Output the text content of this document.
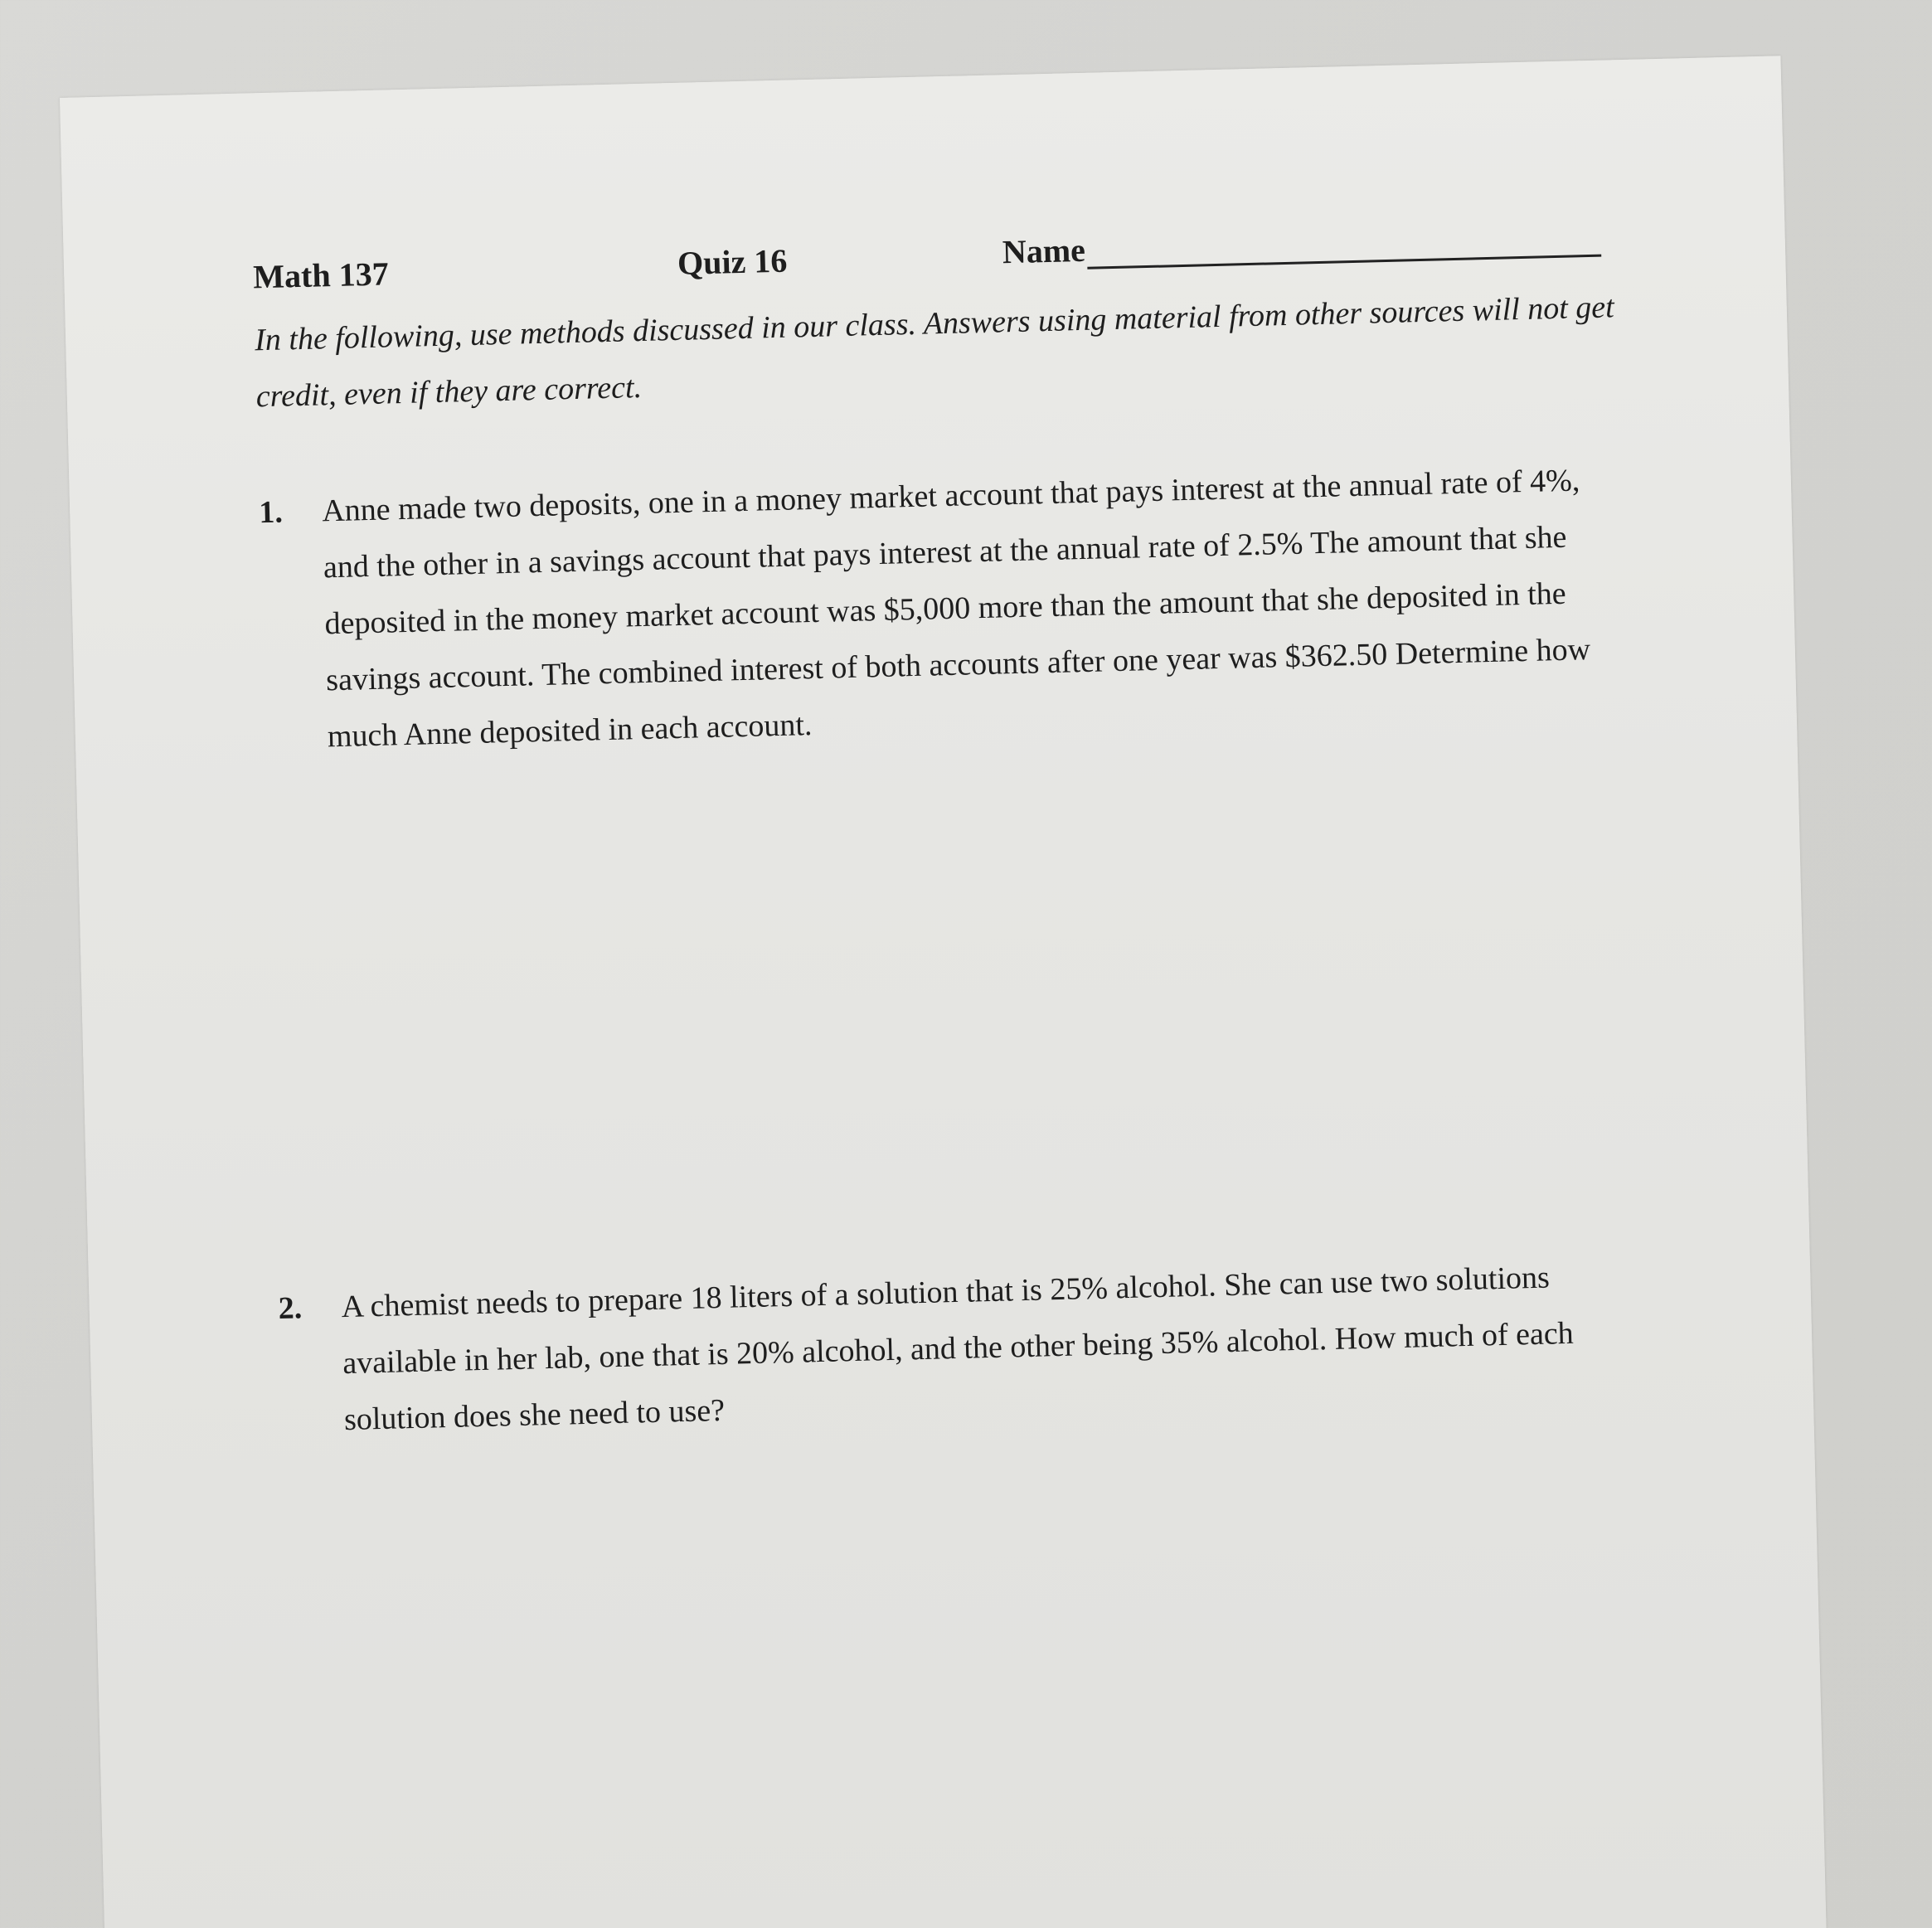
Math 137	Quiz 16	Name
In the following, use methods discussed in our class. Answers using material from other sources will not get credit, even if they are correct.
1. Anne made two deposits, one in a money market account that pays interest at the annual rate of 4%, and the other in a savings account that pays interest at the annual rate of 2.5% The amount that she deposited in the money market account was $5,000 more than the amount that she deposited in the savings account. The combined interest of both accounts after one year was $362.50 Determine how much Anne deposited in each account.
2. A chemist needs to prepare 18 liters of a solution that is 25% alcohol. She can use two solutions available in her lab, one that is 20% alcohol, and the other being 35% alcohol. How much of each solution does she need to use?
